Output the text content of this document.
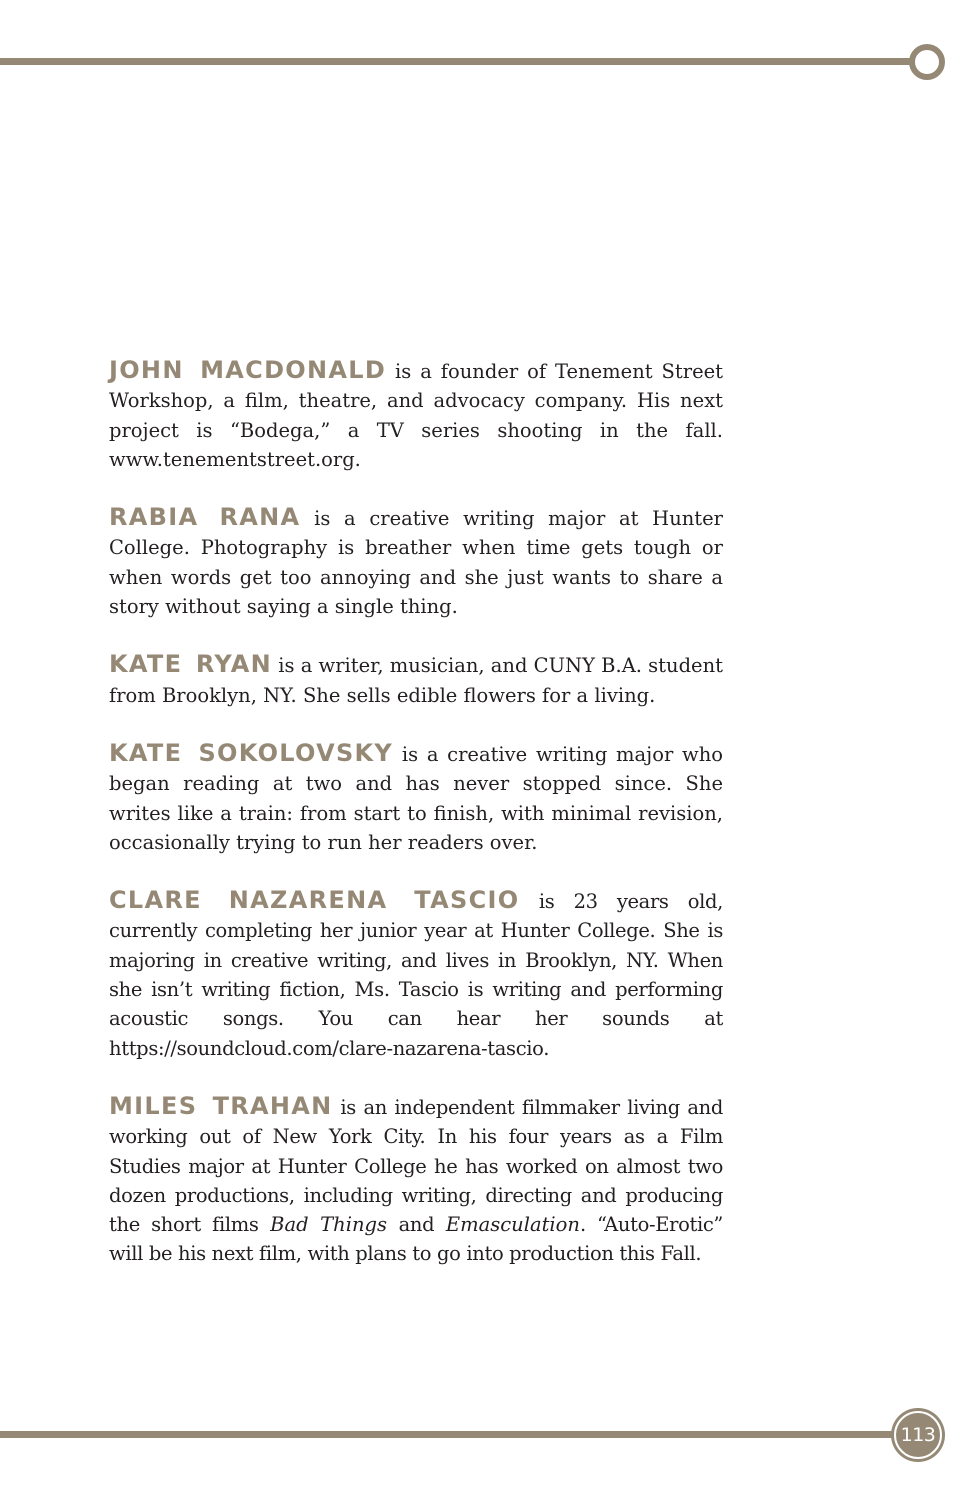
JOHN MACDONALD is a founder of Tenement Street Workshop, a film, theatre, and advocacy company. His next project is “Bodega,” a TV series shooting in the fall. www.tenementstreet.org.

RABIA RANA is a creative writing major at Hunter College. Photography is breather when time gets tough or when words get too annoying and she just wants to share a story without saying a single thing.

KATE RYAN is a writer, musician, and CUNY B.A. student from Brooklyn, NY. She sells edible flowers for a living.

KATE SOKOLOVSKY is a creative writing major who began reading at two and has never stopped since. She writes like a train: from start to finish, with minimal revision, occasionally trying to run her readers over.

CLARE NAZARENA TASCIO is 23 years old, currently completing her junior year at Hunter College. She is majoring in creative writing, and lives in Brooklyn, NY. When she isn’t writing fiction, Ms. Tascio is writing and performing acoustic songs. You can hear her sounds at https://soundcloud.com/clare-nazarena-tascio.

MILES TRAHAN is an independent filmmaker living and working out of New York City. In his four years as a Film Studies major at Hunter College he has worked on almost two dozen productions, including writing, directing and producing the short films Bad Things and Emasculation. “Auto-Erotic” will be his next film, with plans to go into production this Fall.

113
